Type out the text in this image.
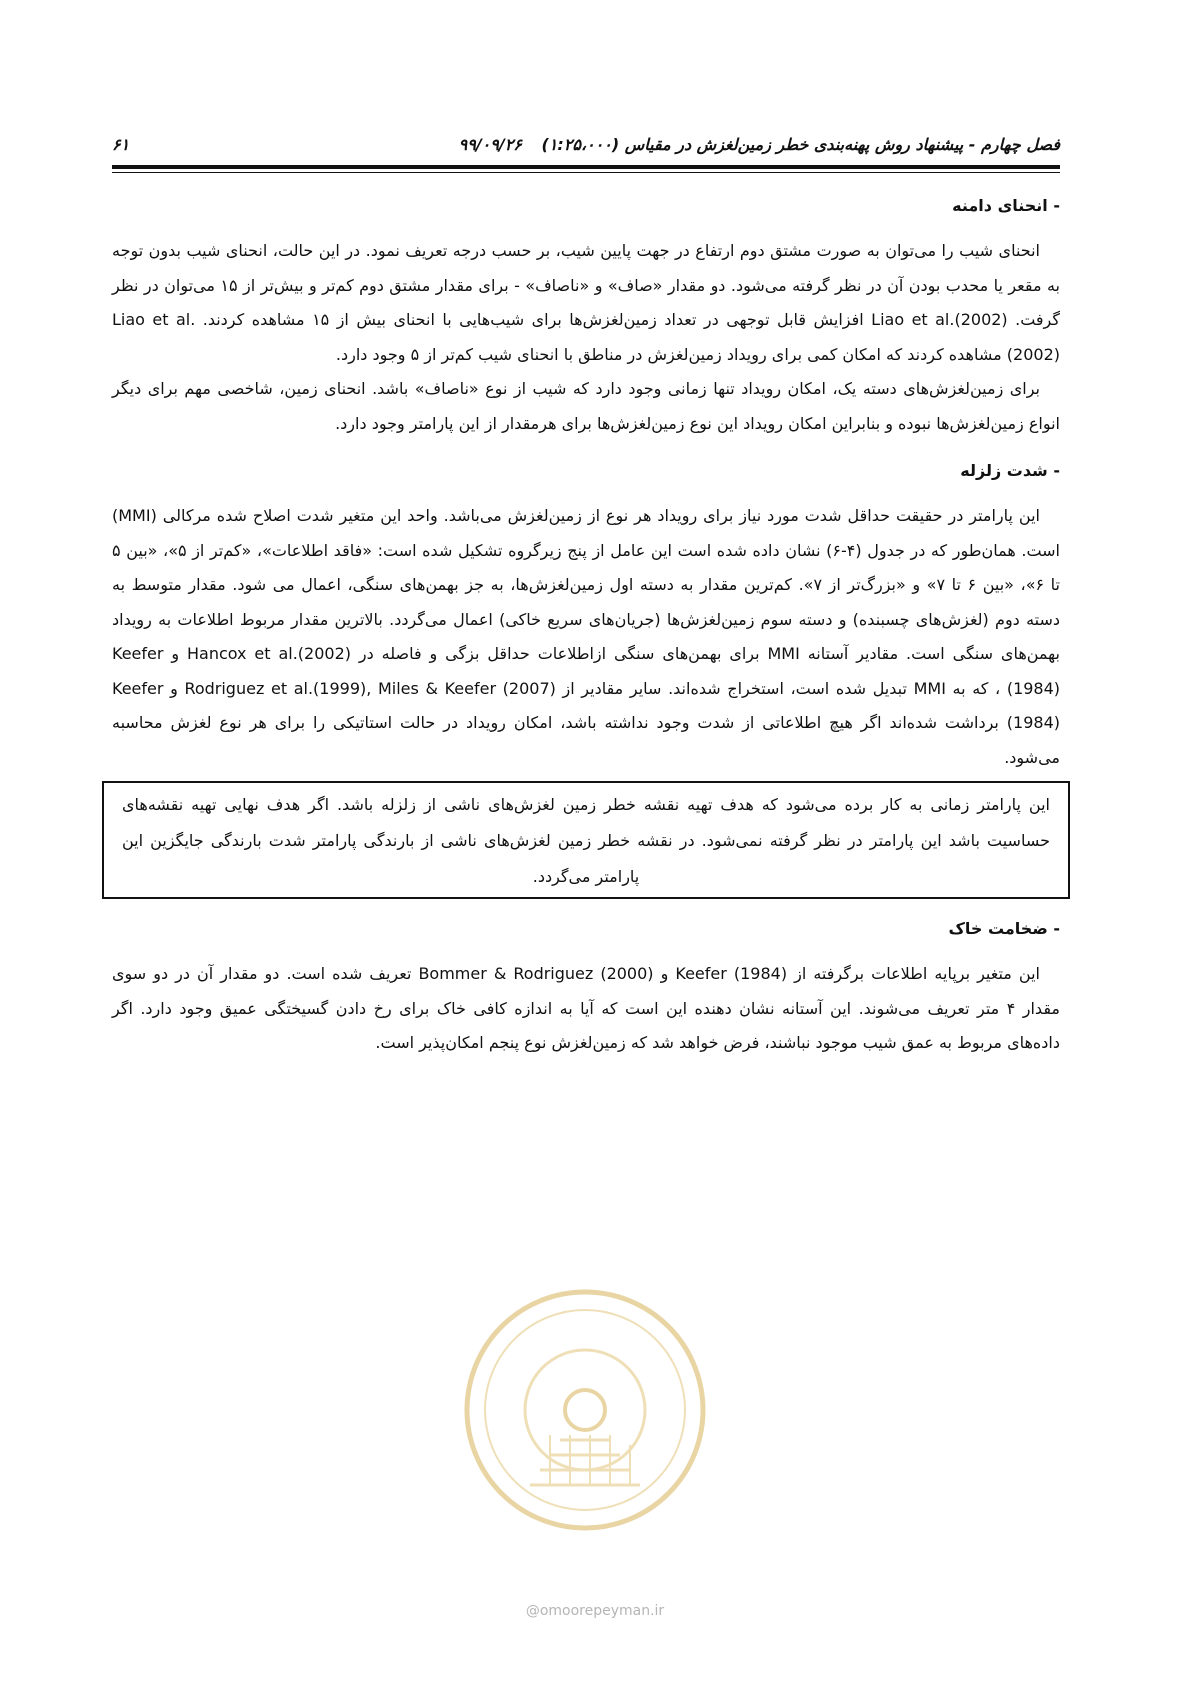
فصل چهارم - پیشنهاد روش پهنه‌بندی خطر زمین‌لغزش در مقیاس (۱:۲۵،۰۰۰) ۹۹/۰۹/۲۶
۶۱
- انحنای دامنه

انحنای شیب را می‌توان به صورت مشتق دوم ارتفاع در جهت پایین شیب، بر حسب درجه تعریف نمود. در این حالت، انحنای شیب بدون توجه به مقعر یا محدب بودن آن در نظر گرفته می‌شود. دو مقدار «صاف» و «ناصاف» - برای مقدار مشتق دوم کم‌تر و بیش‌تر از ۱۵ می‌توان در نظر گرفت. Liao et al.(2002) افزایش قابل توجهی در تعداد زمین‌لغزش‌ها برای شیب‌هایی با انحنای بیش از ۱۵ مشاهده کردند. Liao et al.(2002) مشاهده کردند که امکان کمی برای رویداد زمین‌لغزش در مناطق با انحنای شیب کم‌تر از ۵ وجود دارد.

برای زمین‌لغزش‌های دسته یک، امکان رویداد تنها زمانی وجود دارد که شیب از نوع «ناصاف» باشد. انحنای زمین، شاخصی مهم برای دیگر انواع زمین‌لغزش‌ها نبوده و بنابراین امکان رویداد این نوع زمین‌لغزش‌ها برای هرمقدار از این پارامتر وجود دارد.

- شدت زلزله

این پارامتر در حقیقت حداقل شدت مورد نیاز برای رویداد هر نوع از زمین‌لغزش می‌باشد. واحد این متغیر شدت اصلاح شده مرکالی (MMI) است. همان‌طور که در جدول (۴-۶) نشان داده شده است این عامل از پنج زیرگروه تشکیل شده است: «فاقد اطلاعات»، «کم‌تر از ۵»، «بین ۵ تا ۶»، «بین ۶ تا ۷» و «بزرگ‌تر از ۷». کم‌ترین مقدار به دسته اول زمین‌لغزش‌ها، به جز بهمن‌های سنگی، اعمال می شود. مقدار متوسط به دسته دوم (لغزش‌های چسبنده) و دسته سوم زمین‌لغزش‌ها (جریان‌های سریع خاکی) اعمال می‌گردد. بالاترین مقدار مربوط اطلاعات به رویداد بهمن‌های سنگی است. مقادیر آستانه MMI برای بهمن‌های سنگی ازاطلاعات حداقل بزگی و فاصله در Hancox et al.(2002) و Keefer (1984) ، که به MMI تبدیل شده است، استخراج شده‌اند. سایر مقادیر از Rodriguez et al.(1999), Miles & Keefer (2007) و Keefer (1984) برداشت شده‌اند اگر هیچ اطلاعاتی از شدت وجود نداشته باشد، امکان رویداد در حالت استاتیکی را برای هر نوع لغزش محاسبه می‌شود.

این پارامتر زمانی به کار برده می‌شود که هدف تهیه نقشه خطر زمین لغزش‌های ناشی از زلزله باشد. اگر هدف نهایی تهیه نقشه‌های حساسیت باشد این پارامتر در نظر گرفته نمی‌شود. در نقشه خطر زمین لغزش‌های ناشی از بارندگی پارامتر شدت بارندگی جایگزین این پارامتر می‌گردد.

- ضخامت خاک

این متغیر برپایه اطلاعات برگرفته از Keefer (1984) و Bommer & Rodriguez (2000) تعریف شده است. دو مقدار آن در دو سوی مقدار ۴ متر تعریف می‌شوند. این آستانه نشان دهنده این است که آیا به اندازه کافی خاک برای رخ دادن گسیختگی عمیق وجود دارد. اگر داده‌های مربوط به عمق شیب موجود نباشند، فرض خواهد شد که زمین‌لغزش نوع پنجم امکان‌پذیر است.

@omoorepeyman.ir
